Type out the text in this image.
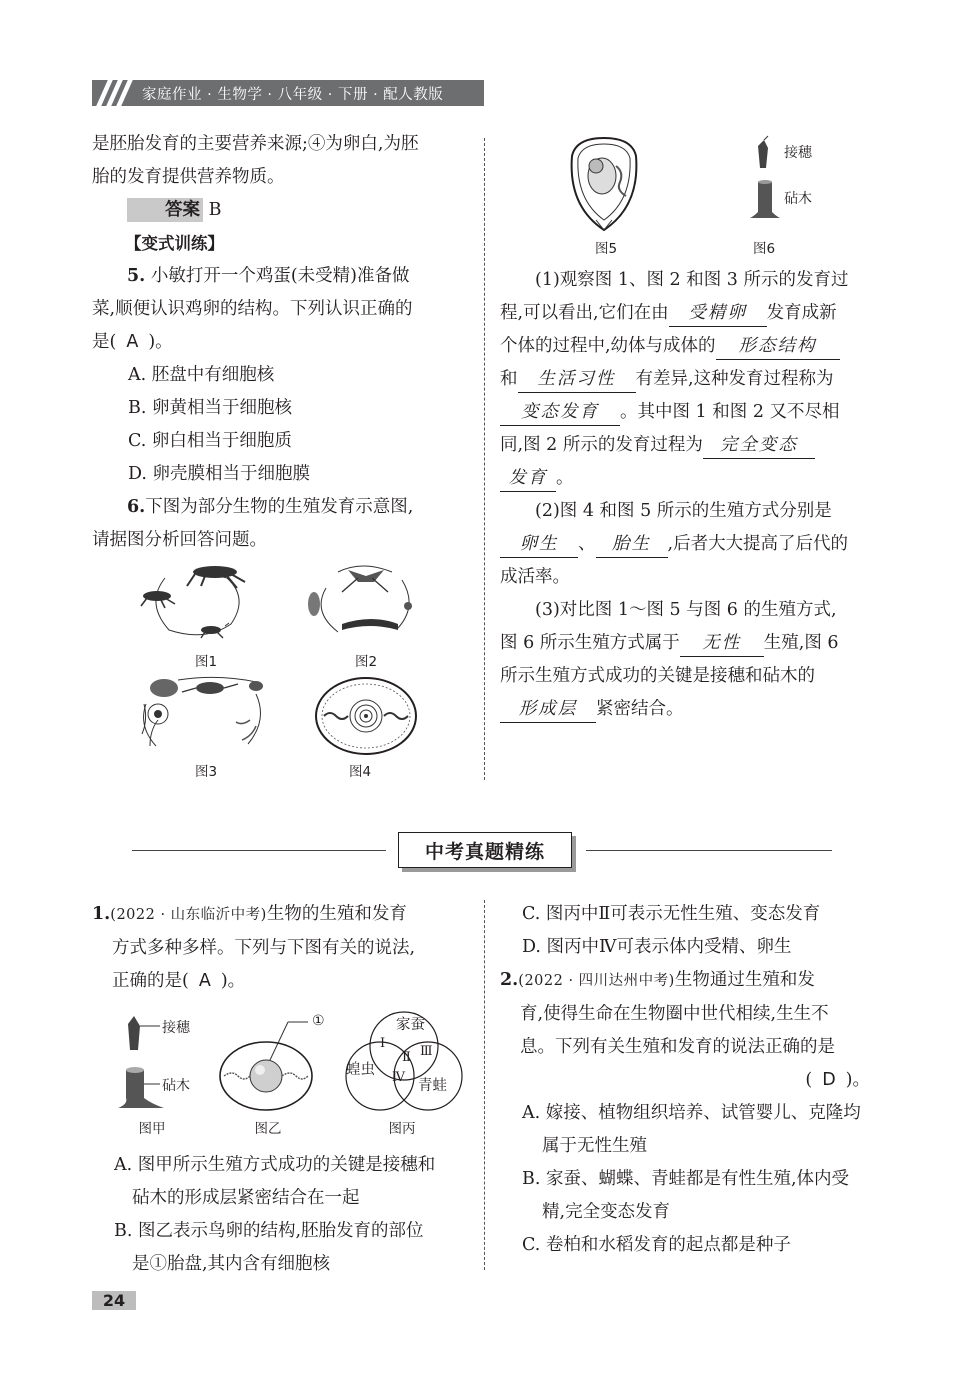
家庭作业 · 生物学 · 八年级 · 下册 · 配人教版

是胚胎发育的主要营养来源;④为卵白,为胚

胎的发育提供营养物质。

答案 B

【变式训练】

5. 小敏打开一个鸡蛋(未受精)准备做

菜,顺便认识鸡卵的结构。下列认识正确的

是( A )。

A. 胚盘中有细胞核

B. 卵黄相当于细胞核

C. 卵白相当于细胞质

D. 卵壳膜相当于细胞膜

6.下图为部分生物的生殖发育示意图,

请据图分析回答问题。

图1	图2
图3	图4
图5
接穗
砧木
图6

(1)观察图 1、图 2 和图 3 所示的发育过

程,可以看出,它们在由 受精卵 发育成新

个体的过程中,幼体与成体的 形态结构

和 生活习性 有差异,这种发育过程称为

变态发育 。其中图 1 和图 2 又不尽相

同,图 2 所示的发育过程为 完全变态

发育 。

(2)图 4 和图 5 所示的生殖方式分别是

卵生 、 胎生 ,后者大大提高了后代的

成活率。

(3)对比图 1～图 5 与图 6 的生殖方式,

图 6 所示生殖方式属于 无性 生殖,图 6

所示生殖方式成功的关键是接穗和砧木的

形成层 紧密结合。

中考真题精练

1.(2022 · 山东临沂中考)生物的生殖和发育

方式多种多样。下列与下图有关的说法,

正确的是( A )。

接穗
砧木
图甲
①
图乙
家蚕
蝗虫
青蛙
Ⅰ
Ⅱ Ⅲ
Ⅳ
图丙

A. 图甲所示生殖方式成功的关键是接穗和

砧木的形成层紧密结合在一起

B. 图乙表示鸟卵的结构,胚胎发育的部位

是①胎盘,其内含有细胞核

C. 图丙中Ⅱ可表示无性生殖、变态发育

D. 图丙中Ⅳ可表示体内受精、卵生

2.(2022 · 四川达州中考)生物通过生殖和发

育,使得生命在生物圈中世代相续,生生不

息。下列有关生殖和发育的说法正确的是

( D )。

A. 嫁接、植物组织培养、试管婴儿、克隆均

属于无性生殖

B. 家蚕、蝴蝶、青蛙都是有性生殖,体内受

精,完全变态发育

C. 卷柏和水稻发育的起点都是种子

24
